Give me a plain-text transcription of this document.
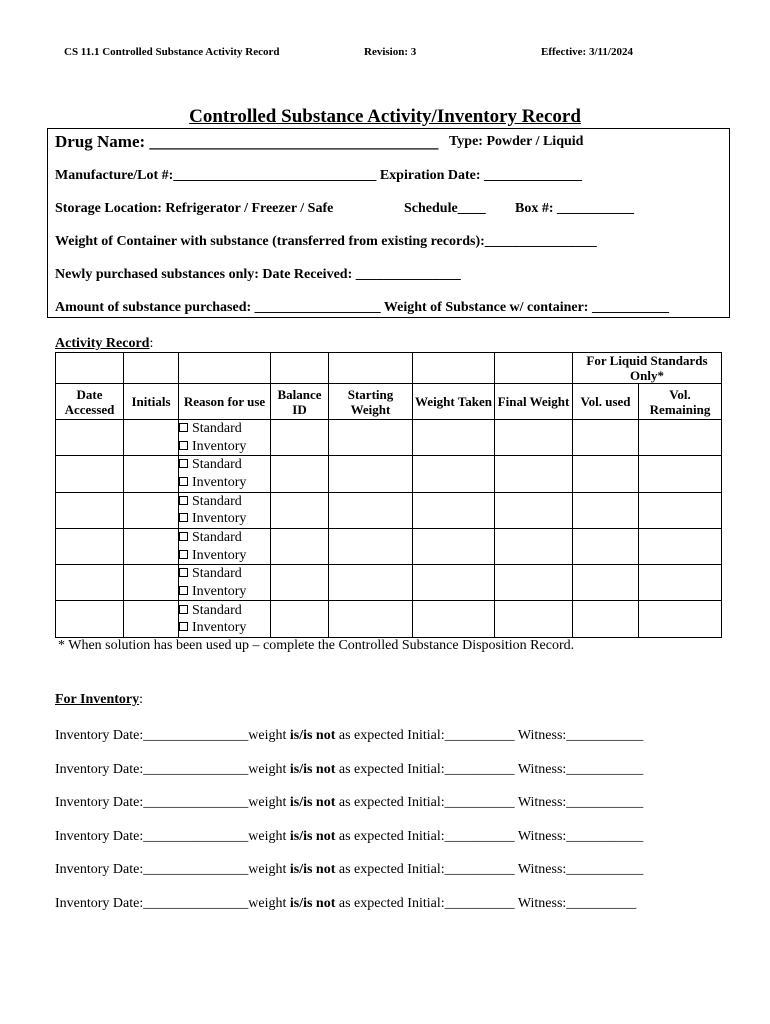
CS 11.1 Controlled Substance Activity Record	Revision: 3	Effective: 3/11/2024
Controlled Substance Activity/Inventory Record
Drug Name: __________________________________ Type: Powder / Liquid
Manufacture/Lot #:_____________________________ Expiration Date: ______________
Storage Location: Refrigerator / Freezer / Safe	Schedule____ Box #: ___________
Weight of Container with substance (transferred from existing records):________________
Newly purchased substances only: Date Received: _______________
Amount of substance purchased: __________________ Weight of Substance w/ container: ___________
Activity Record:
							For Liquid Standards Only*	
Date Accessed	Initials	Reason for use	Balance ID	Starting Weight	Weight Taken	Final Weight	Vol. used	Vol. Remaining

		Standard
Inventory						

		Standard
Inventory						

		Standard
Inventory						

		Standard
Inventory						

		Standard
Inventory						

		Standard
Inventory						

* When solution has been used up – complete the Controlled Substance Disposition Record.
For Inventory:
Inventory Date:_______________weight is/is not as expected Initial:__________ Witness:___________
Inventory Date:_______________weight is/is not as expected Initial:__________ Witness:___________
Inventory Date:_______________weight is/is not as expected Initial:__________ Witness:___________
Inventory Date:_______________weight is/is not as expected Initial:__________ Witness:___________
Inventory Date:_______________weight is/is not as expected Initial:__________ Witness:___________
Inventory Date:_______________weight is/is not as expected Initial:__________ Witness:__________
